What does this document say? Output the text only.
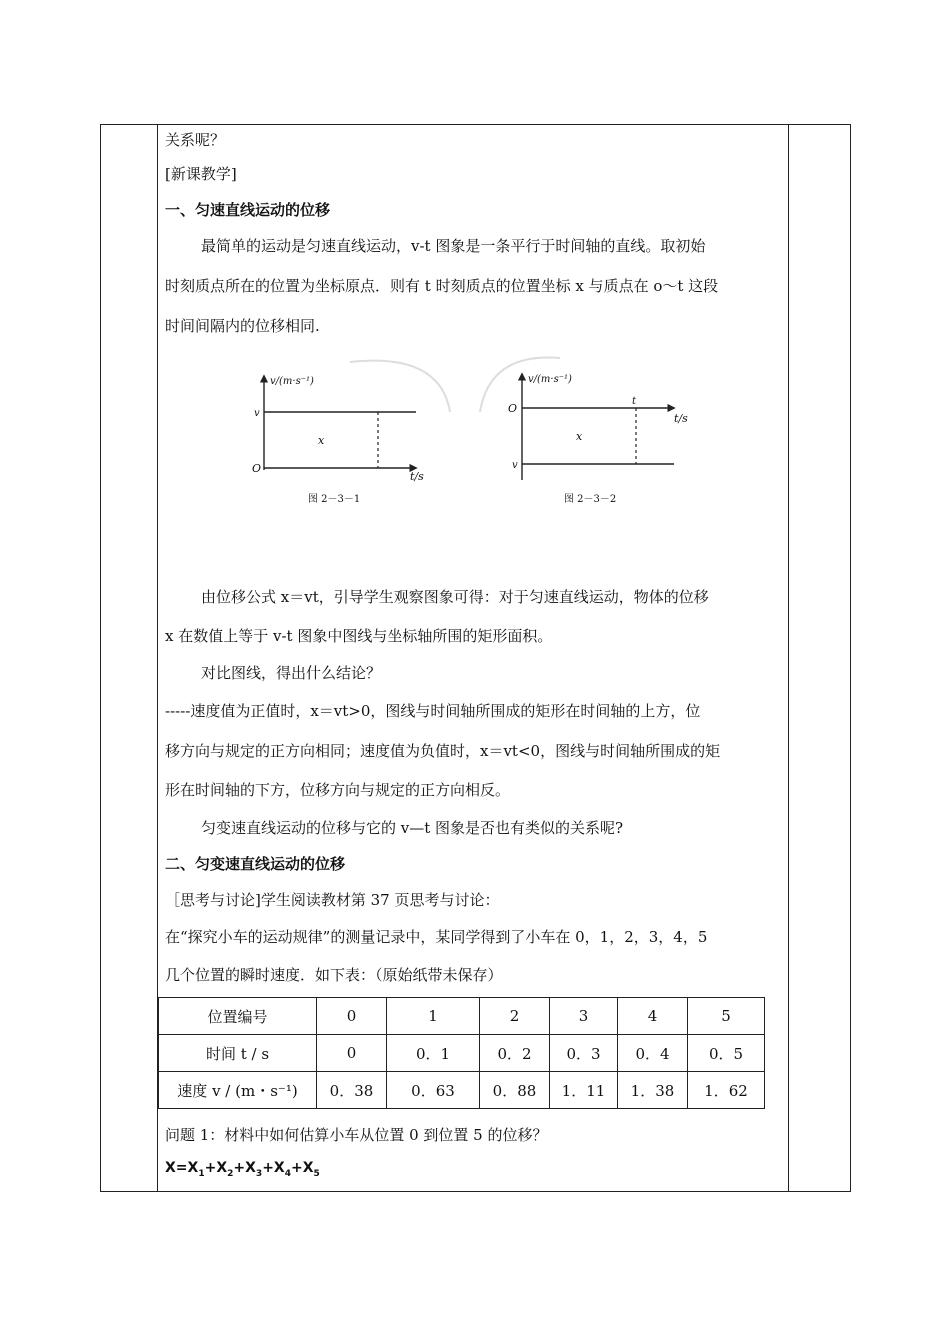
关系呢？
[新课教学]
一、匀速直线运动的位移
最简单的运动是匀速直线运动，v-t 图象是一条平行于时间轴的直线。取初始
时刻质点所在的位置为坐标原点．则有 t 时刻质点的位置坐标 x 与质点在 o～t 这段
时间间隔内的位移相同.
由位移公式 x＝vt，引导学生观察图象可得：对于匀速直线运动，物体的位移
x 在数值上等于 v-t 图象中图线与坐标轴所围的矩形面积。
对比图线，得出什么结论？
-----速度值为正值时，x＝vt>0，图线与时间轴所围成的矩形在时间轴的上方，位
移方向与规定的正方向相同；速度值为负值时，x＝vt<0，图线与时间轴所围成的矩
形在时间轴的下方，位移方向与规定的正方向相反。
匀变速直线运动的位移与它的 v—t 图象是否也有类似的关系呢?
二、匀变速直线运动的位移
［思考与讨论]学生阅读教材第 37 页思考与讨论：
在“探究小车的运动规律”的测量记录中，某同学得到了小车在 0，1，2，3，4，5
几个位置的瞬时速度．如下表：（原始纸带未保存）
问题 1：材料中如何估算小车从位置 0 到位置 5 的位移？
$X=X_1+X_2+X_3+X_4+X_5$
v/(m·s⁻¹)
v
O
x
t/s
图 2－3－1
v/(m·s⁻¹)
O
v
x
t
t/s
图 2－3－2
位置编号	0	1	2	3	4	5
时间 t / s	0	0．1	0．2	0．3	0．4	0．5
速度 v / (m・s⁻¹)	0．38	0．63	0．88	1．11	1．38	1．62
